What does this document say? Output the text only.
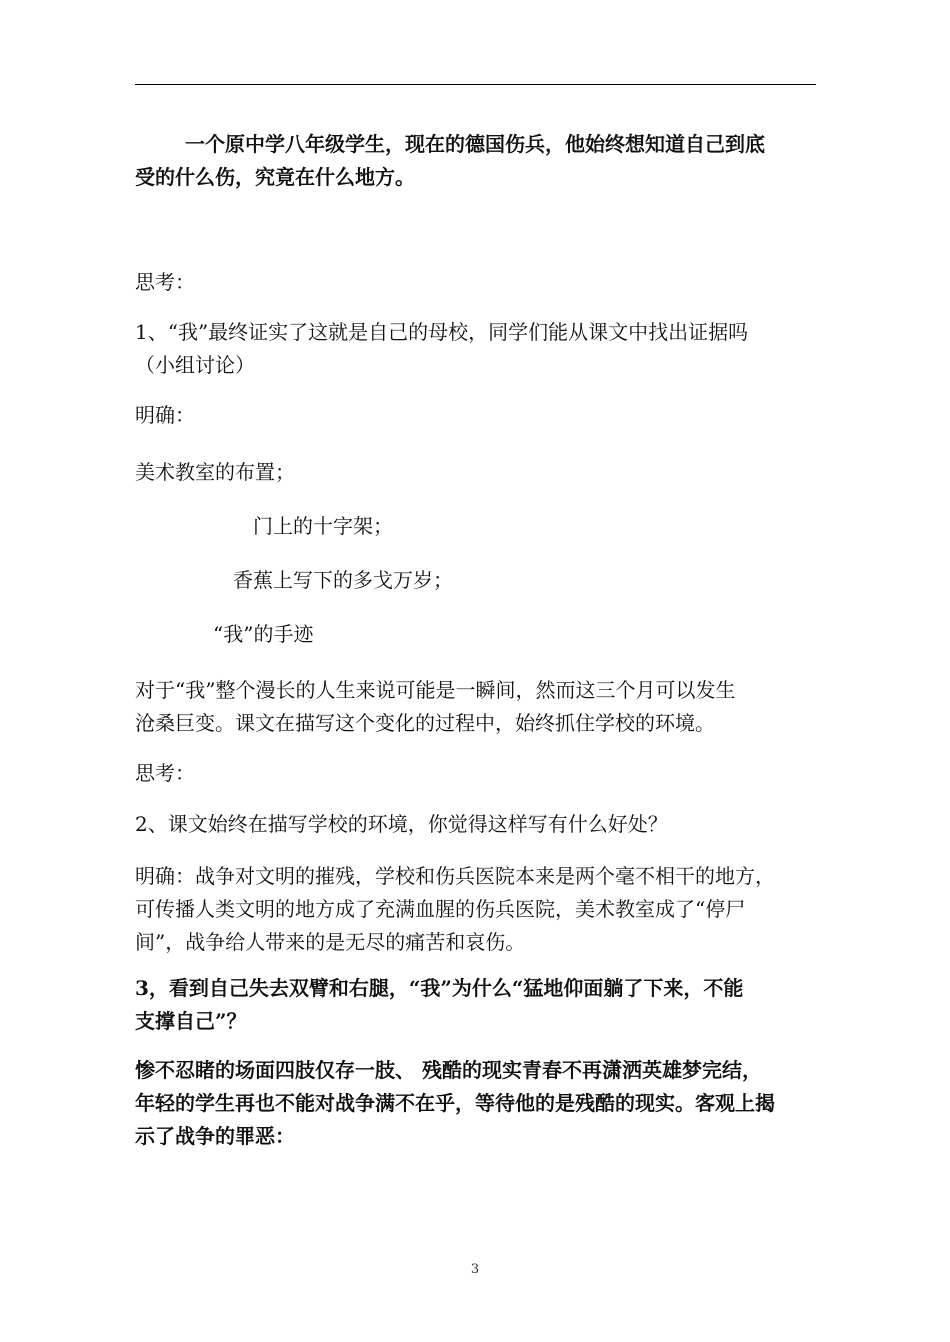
一个原中学八年级学生，现在的德国伤兵，他始终想知道自己到底
受的什么伤，究竟在什么地方。
思考：
1、“我”最终证实了这就是自己的母校，同学们能从课文中找出证据吗
（小组讨论）
明确：
美术教室的布置；
门上的十字架；
香蕉上写下的多戈万岁；
“我”的手迹
对于“我”整个漫长的人生来说可能是一瞬间，然而这三个月可以发生
沧桑巨变。课文在描写这个变化的过程中，始终抓住学校的环境。
思考：
2、课文始终在描写学校的环境，你觉得这样写有什么好处？
明确：战争对文明的摧残，学校和伤兵医院本来是两个毫不相干的地方，
可传播人类文明的地方成了充满血腥的伤兵医院，美术教室成了“停尸
间”，战争给人带来的是无尽的痛苦和哀伤。
3，看到自己失去双臂和右腿，“我”为什么“猛地仰面躺了下来，不能
支撑自己”？
惨不忍睹的场面四肢仅存一肢、 残酷的现实青春不再潇洒英雄梦完结，
年轻的学生再也不能对战争满不在乎，等待他的是残酷的现实。客观上揭
示了战争的罪恶：
3
